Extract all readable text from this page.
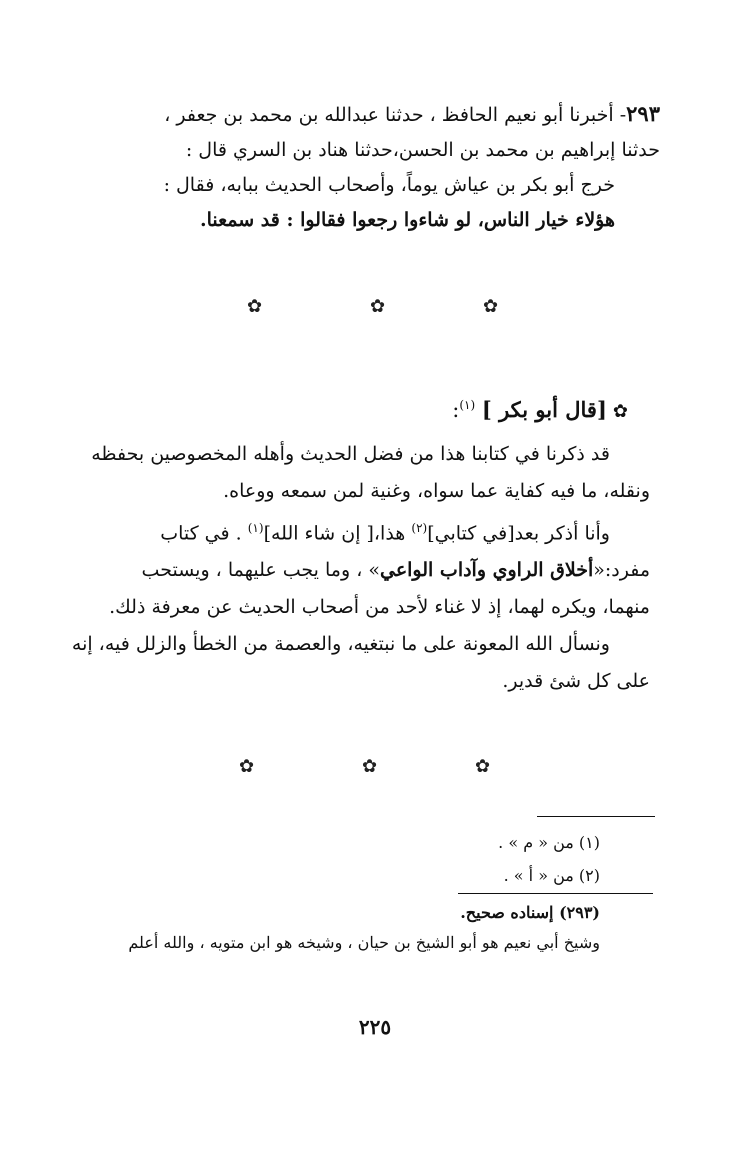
٢٩٣- أخبرنا أبو نعيم الحافظ ، حدثنا عبدالله بن محمد بن جعفر ،
حدثنا إبراهيم بن محمد بن الحسن،حدثنا هناد بن السري قال :
خرج أبو بكر بن عياش يوماً، وأصحاب الحديث ببابه، فقال :
هؤلاء خيار الناس، لو شاءوا رجعوا فقالوا : قد سمعنا.
✿	✿	✿
✿[قال أبو بكر ] $^{(١)}$:
قد ذكرنا في كتابنا هذا من فضل الحديث وأهله المخصوصين بحفظه
ونقله، ما فيه كفاية عما سواه، وغنية لمن سمعه ووعاه.
وأنا أذكر بعد[في كتابي]$^{(٢)}$ هذا،[ إن شاء الله]$^{(١)}$ . في كتاب
مفرد:«أخلاق الراوي وآداب الواعي» ، وما يجب عليهما ، ويستحب
منهما، ويكره لهما، إذ لا غناء لأحد من أصحاب الحديث عن معرفة ذلك.
ونسأل الله المعونة على ما نبتغيه، والعصمة من الخطأ والزلل فيه، إنه
على كل شئ قدير.
✿	✿	✿
(١) من « م » .
(٢) من « أ » .
(٢٩٣) إسناده صحيح.
وشيخ أبي نعيم هو أبو الشيخ بن حيان ، وشيخه هو ابن متويه ، والله أعلم
٢٢٥
